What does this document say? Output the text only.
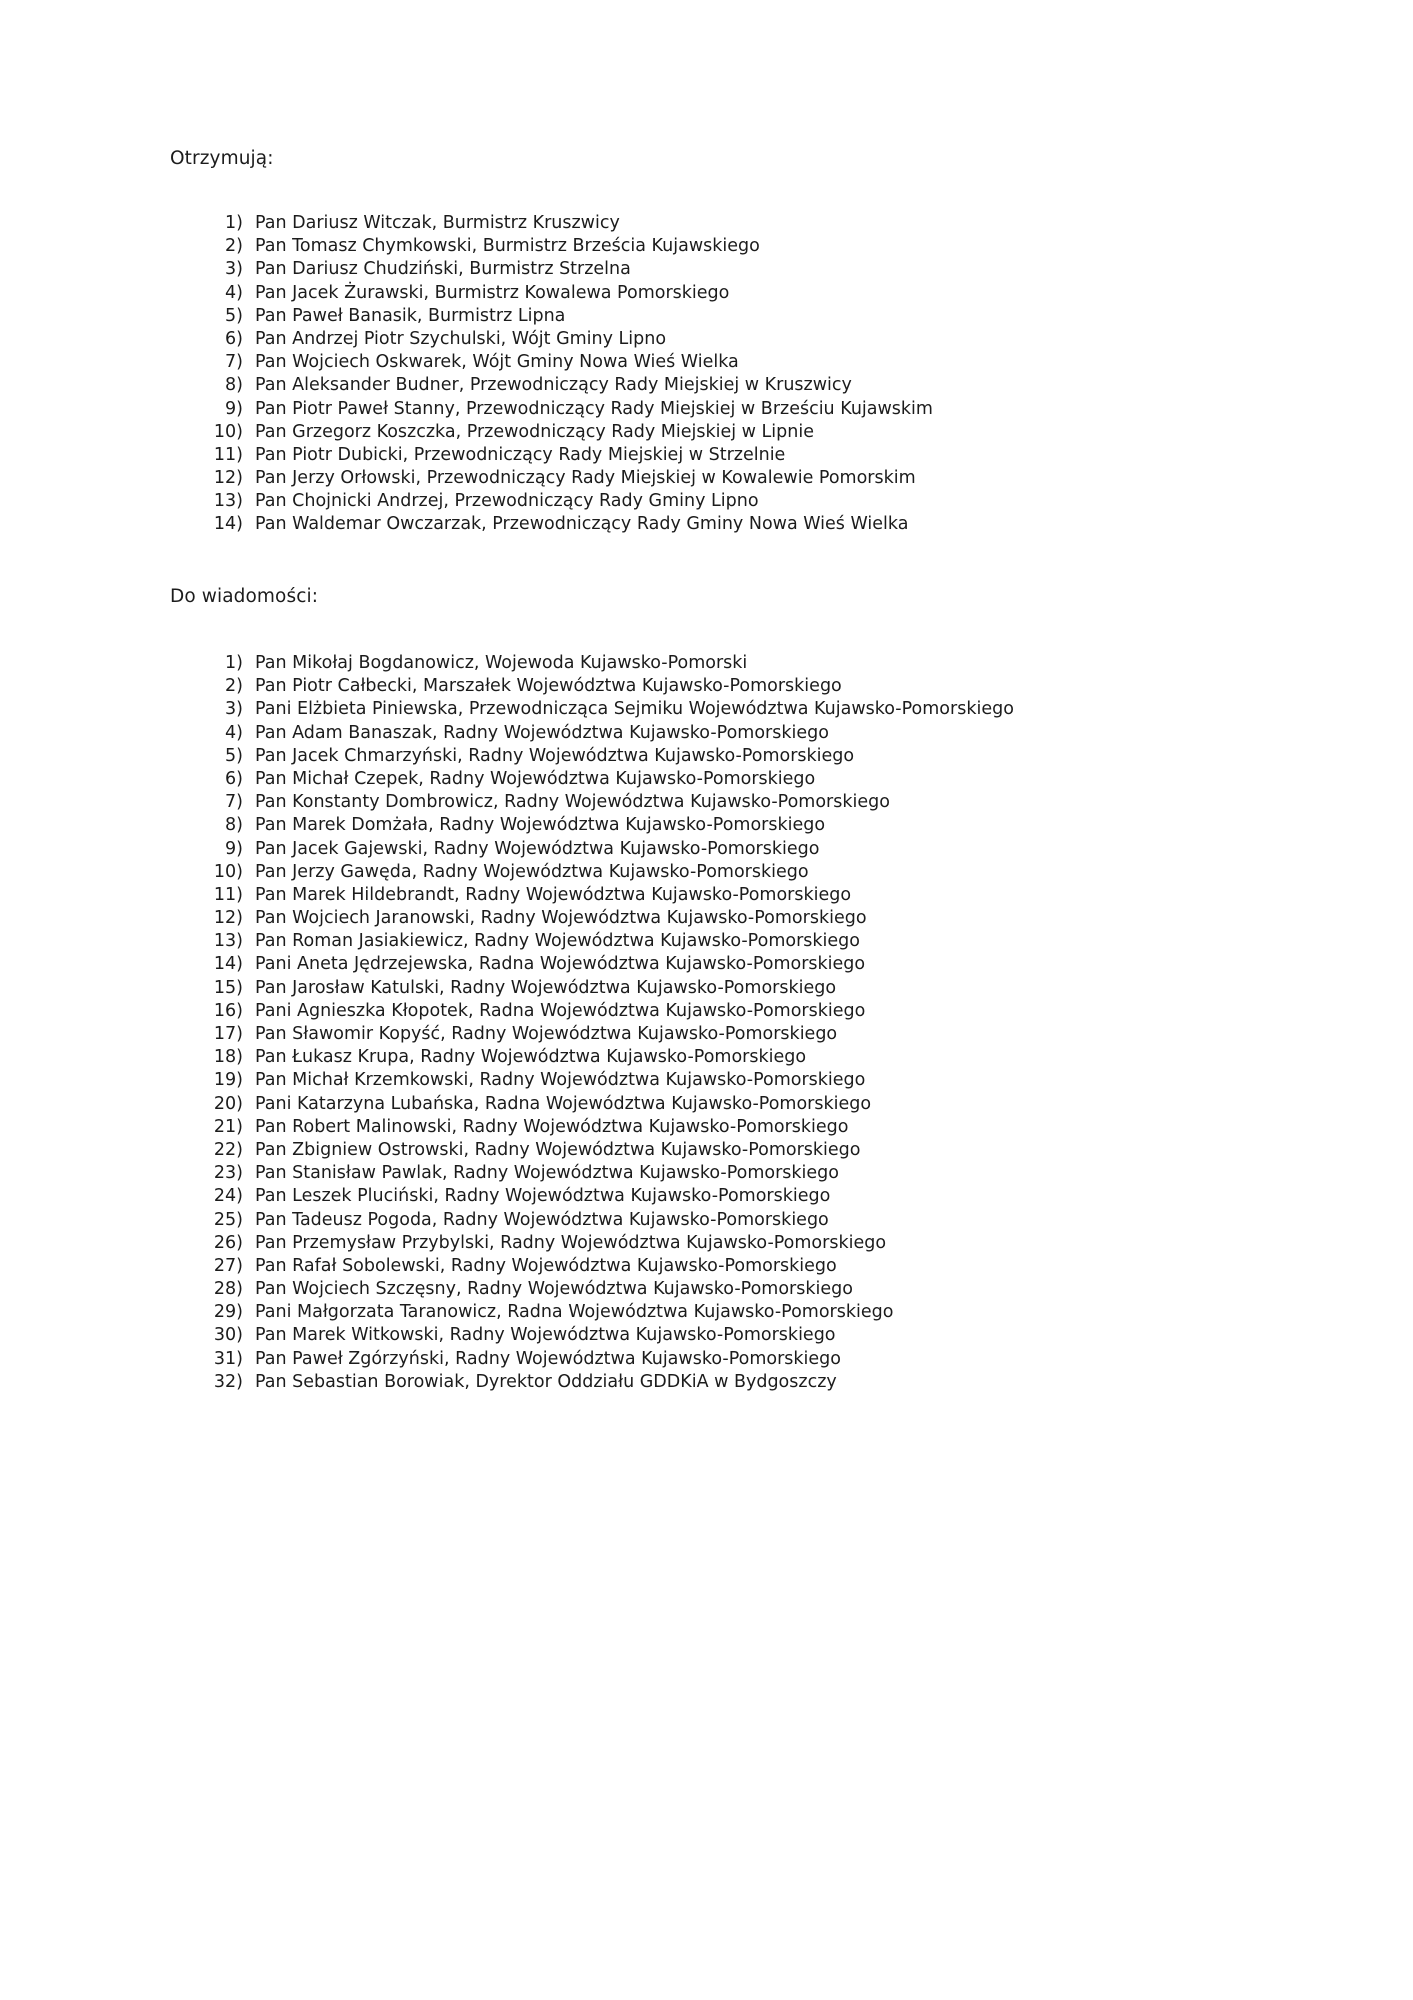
Otrzymują:
1) Pan Dariusz Witczak, Burmistrz Kruszwicy
2) Pan Tomasz Chymkowski, Burmistrz Brześcia Kujawskiego
3) Pan Dariusz Chudziński, Burmistrz Strzelna
4) Pan Jacek Żurawski, Burmistrz Kowalewa Pomorskiego
5) Pan Paweł Banasik, Burmistrz Lipna
6) Pan Andrzej Piotr Szychulski, Wójt Gminy Lipno
7) Pan Wojciech Oskwarek, Wójt Gminy Nowa Wieś Wielka
8) Pan Aleksander Budner, Przewodniczący Rady Miejskiej w Kruszwicy
9) Pan Piotr Paweł Stanny, Przewodniczący Rady Miejskiej w Brześciu Kujawskim
10) Pan Grzegorz Koszczka, Przewodniczący Rady Miejskiej w Lipnie
11) Pan Piotr Dubicki, Przewodniczący Rady Miejskiej w Strzelnie
12) Pan Jerzy Orłowski, Przewodniczący Rady Miejskiej w Kowalewie Pomorskim
13) Pan Chojnicki Andrzej, Przewodniczący Rady Gminy Lipno
14) Pan Waldemar Owczarzak, Przewodniczący Rady Gminy Nowa Wieś Wielka
Do wiadomości:
1) Pan Mikołaj Bogdanowicz, Wojewoda Kujawsko-Pomorski
2) Pan Piotr Całbecki, Marszałek Województwa Kujawsko-Pomorskiego
3) Pani Elżbieta Piniewska, Przewodnicząca Sejmiku Województwa Kujawsko-Pomorskiego
4) Pan Adam Banaszak, Radny Województwa Kujawsko-Pomorskiego
5) Pan Jacek Chmarzyński, Radny Województwa Kujawsko-Pomorskiego
6) Pan Michał Czepek, Radny Województwa Kujawsko-Pomorskiego
7) Pan Konstanty Dombrowicz, Radny Województwa Kujawsko-Pomorskiego
8) Pan Marek Domżała, Radny Województwa Kujawsko-Pomorskiego
9) Pan Jacek Gajewski, Radny Województwa Kujawsko-Pomorskiego
10) Pan Jerzy Gawęda, Radny Województwa Kujawsko-Pomorskiego
11) Pan Marek Hildebrandt, Radny Województwa Kujawsko-Pomorskiego
12) Pan Wojciech Jaranowski, Radny Województwa Kujawsko-Pomorskiego
13) Pan Roman Jasiakiewicz, Radny Województwa Kujawsko-Pomorskiego
14) Pani Aneta Jędrzejewska, Radna Województwa Kujawsko-Pomorskiego
15) Pan Jarosław Katulski, Radny Województwa Kujawsko-Pomorskiego
16) Pani Agnieszka Kłopotek, Radna Województwa Kujawsko-Pomorskiego
17) Pan Sławomir Kopyść, Radny Województwa Kujawsko-Pomorskiego
18) Pan Łukasz Krupa, Radny Województwa Kujawsko-Pomorskiego
19) Pan Michał Krzemkowski, Radny Województwa Kujawsko-Pomorskiego
20) Pani Katarzyna Lubańska, Radna Województwa Kujawsko-Pomorskiego
21) Pan Robert Malinowski, Radny Województwa Kujawsko-Pomorskiego
22) Pan Zbigniew Ostrowski, Radny Województwa Kujawsko-Pomorskiego
23) Pan Stanisław Pawlak, Radny Województwa Kujawsko-Pomorskiego
24) Pan Leszek Pluciński, Radny Województwa Kujawsko-Pomorskiego
25) Pan Tadeusz Pogoda, Radny Województwa Kujawsko-Pomorskiego
26) Pan Przemysław Przybylski, Radny Województwa Kujawsko-Pomorskiego
27) Pan Rafał Sobolewski, Radny Województwa Kujawsko-Pomorskiego
28) Pan Wojciech Szczęsny, Radny Województwa Kujawsko-Pomorskiego
29) Pani Małgorzata Taranowicz, Radna Województwa Kujawsko-Pomorskiego
30) Pan Marek Witkowski, Radny Województwa Kujawsko-Pomorskiego
31) Pan Paweł Zgórzyński, Radny Województwa Kujawsko-Pomorskiego
32) Pan Sebastian Borowiak, Dyrektor Oddziału GDDKiA w Bydgoszczy
